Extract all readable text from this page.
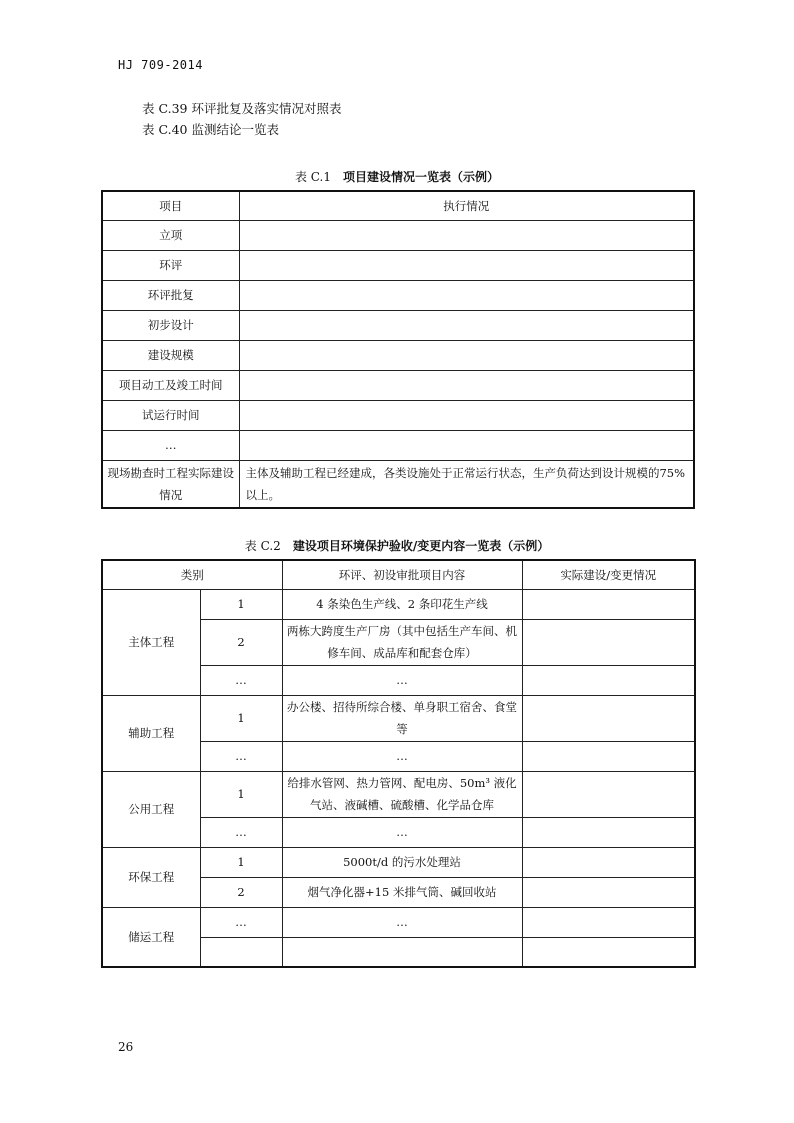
HJ 709-2014
表 C.39 环评批复及落实情况对照表
表 C.40 监测结论一览表
表 C.1 项目建设情况一览表（示例）
项目	执行情况
立项	
环评	
环评批复	
初步设计	
建设规模	
项目动工及竣工时间	
试运行时间	
…	
现场勘查时工程实际建设情况	主体及辅助工程已经建成，各类设施处于正常运行状态，生产负荷达到设计规模的75%以上。
表 C.2 建设项目环境保护验收/变更内容一览表（示例）
类别		环评、初设审批项目内容	实际建设/变更情况
主体工程	1	4 条染色生产线、2 条印花生产线	
	2	两栋大跨度生产厂房（其中包括生产车间、机修车间、成品库和配套仓库）	
	…	…	
辅助工程	1	办公楼、招待所综合楼、单身职工宿舍、食堂等	
	…	…	
公用工程	1	给排水管网、热力管网、配电房、50m³ 液化气站、液碱槽、硫酸槽、化学品仓库	
	…	…	
环保工程	1	5000t/d 的污水处理站	
	2	烟气净化器+15 米排气筒、碱回收站	
储运工程	…	…	

26
